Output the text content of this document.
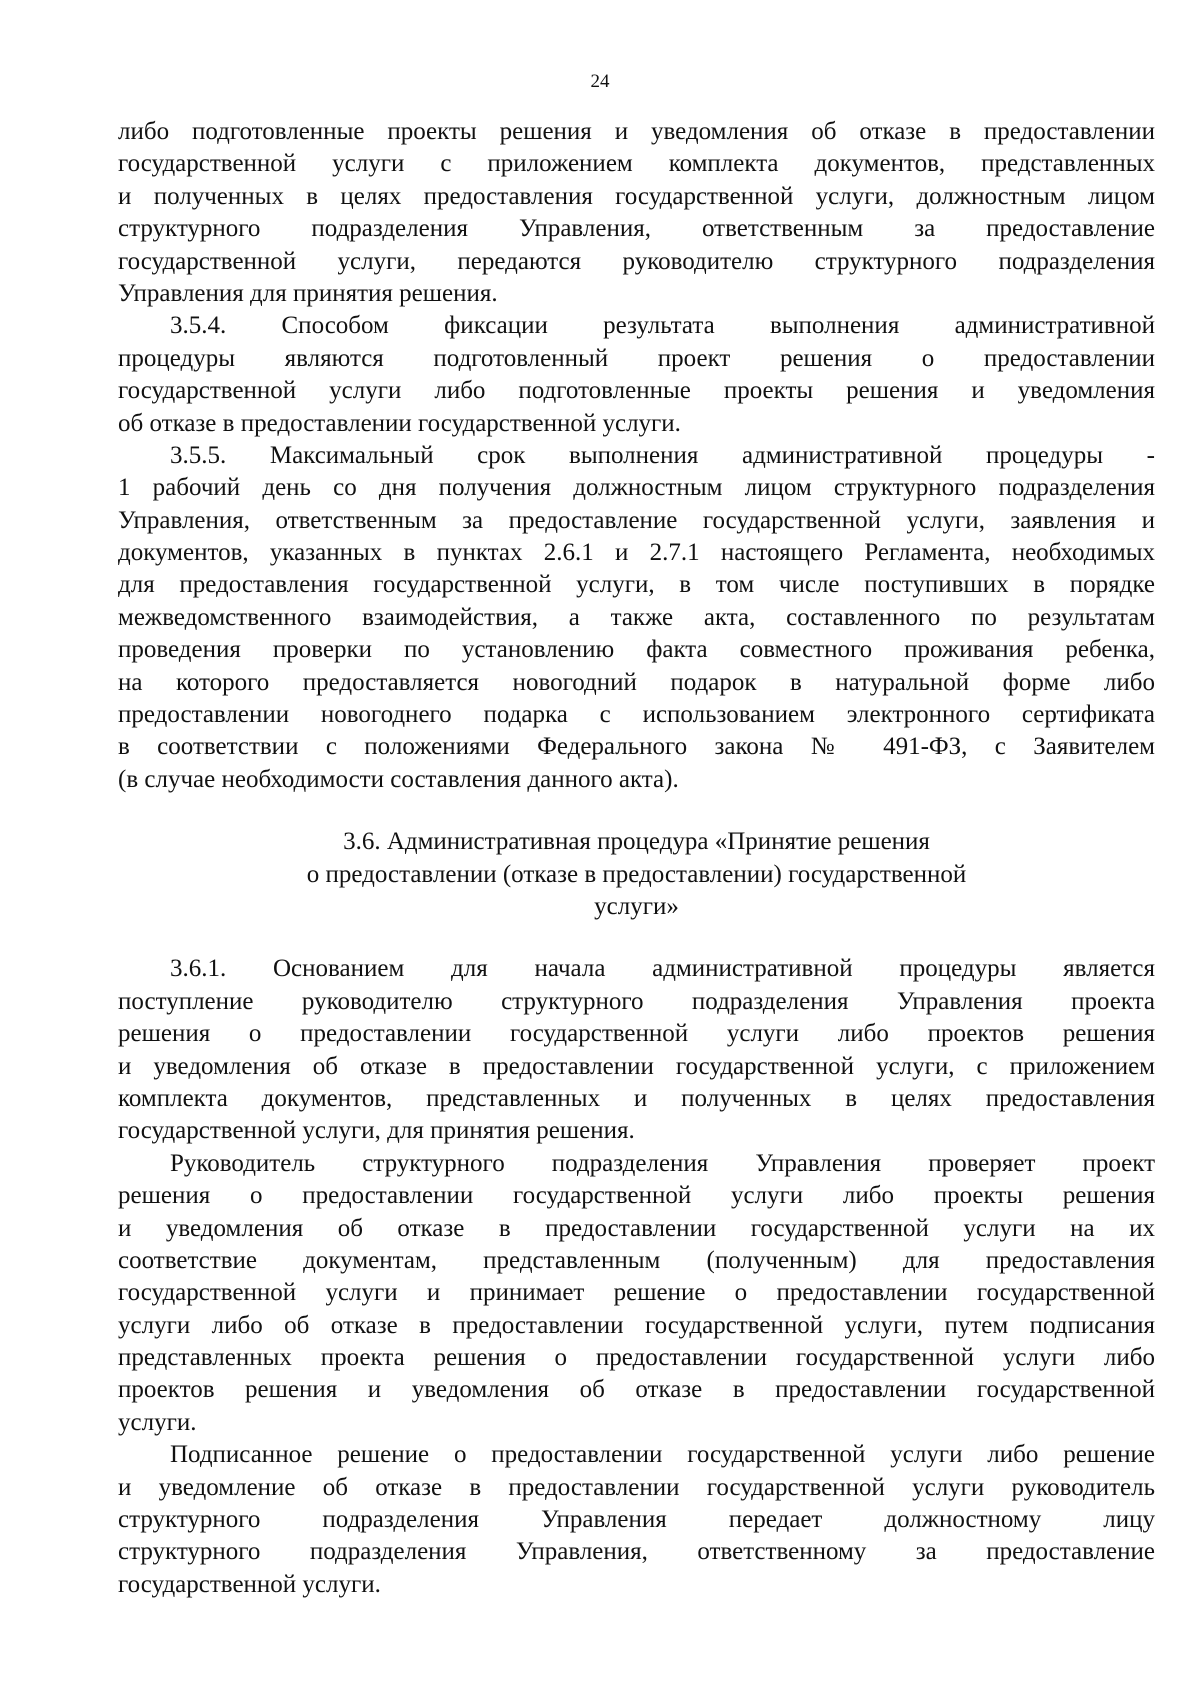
24
либо подготовленные проекты решения и уведомления об отказе в предоставлении
государственной услуги с приложением комплекта документов, представленных
и полученных в целях предоставления государственной услуги, должностным лицом
структурного подразделения Управления, ответственным за предоставление
государственной услуги, передаются руководителю структурного подразделения
Управления для принятия решения.
3.5.4. Способом фиксации результата выполнения административной
процедуры являются подготовленный проект решения о предоставлении
государственной услуги либо подготовленные проекты решения и уведомления
об отказе в предоставлении государственной услуги.
3.5.5. Максимальный срок выполнения административной процедуры -
1 рабочий день со дня получения должностным лицом структурного подразделения
Управления, ответственным за предоставление государственной услуги, заявления и
документов, указанных в пунктах 2.6.1 и 2.7.1 настоящего Регламента, необходимых
для предоставления государственной услуги, в том числе поступивших в порядке
межведомственного взаимодействия, а также акта, составленного по результатам
проведения проверки по установлению факта совместного проживания ребенка,
на которого предоставляется новогодний подарок в натуральной форме либо
предоставлении новогоднего подарка с использованием электронного сертификата
в соответствии с положениями Федерального закона № 491-ФЗ, с Заявителем
(в случае необходимости составления данного акта).
3.6. Административная процедура «Принятие решения
о предоставлении (отказе в предоставлении) государственной
услуги»
3.6.1. Основанием для начала административной процедуры является
поступление руководителю структурного подразделения Управления проекта
решения о предоставлении государственной услуги либо проектов решения
и уведомления об отказе в предоставлении государственной услуги, с приложением
комплекта документов, представленных и полученных в целях предоставления
государственной услуги, для принятия решения.
Руководитель структурного подразделения Управления проверяет проект
решения о предоставлении государственной услуги либо проекты решения
и уведомления об отказе в предоставлении государственной услуги на их
соответствие документам, представленным (полученным) для предоставления
государственной услуги и принимает решение о предоставлении государственной
услуги либо об отказе в предоставлении государственной услуги, путем подписания
представленных проекта решения о предоставлении государственной услуги либо
проектов решения и уведомления об отказе в предоставлении государственной
услуги.
Подписанное решение о предоставлении государственной услуги либо решение
и уведомление об отказе в предоставлении государственной услуги руководитель
структурного подразделения Управления передает должностному лицу
структурного подразделения Управления, ответственному за предоставление
государственной услуги.
